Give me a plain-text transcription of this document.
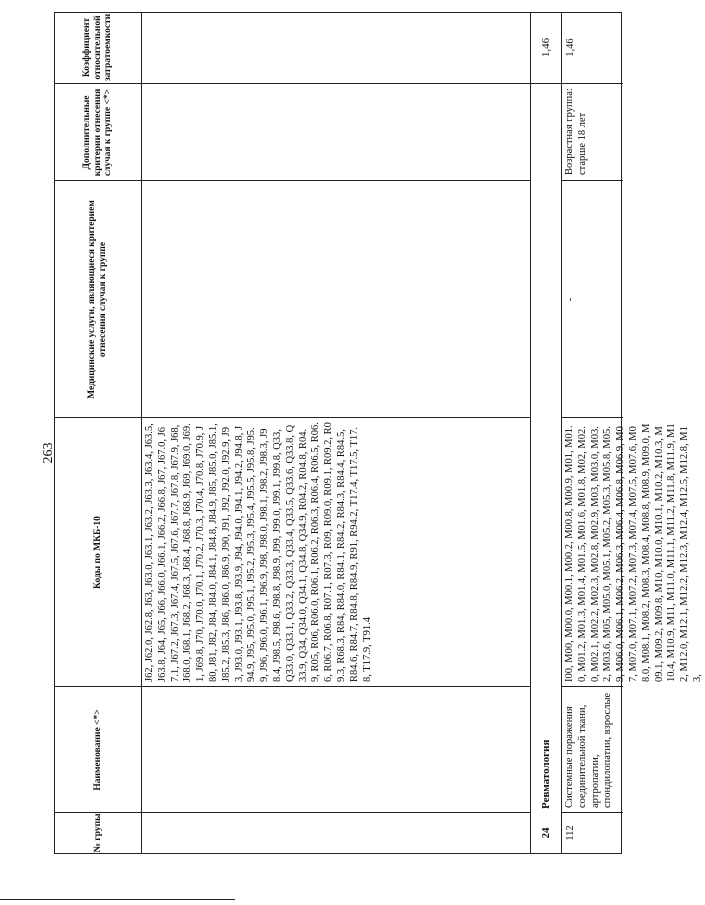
263
№ групы
Наименование <*>
Коды по МКБ-10
Медицинские услуги, являющиеся критерием отнесения случая к группе
Дополнительные критерии отнесения случая к группе <*>
Коэффициент относительной затратоемкости
J62, J62.0, J62.8, J63, J63.0, J63.1, J63.2, J63.3, J63.4, J63.5, J63.8, J64, J65, J66, J66.0, J66.1, J66.2, J66.8, J67, J67.0, J67.1, J67.2, J67.3, J67.4, J67.5, J67.6, J67.7, J67.8, J67.9, J68, J68.0, J68.1, J68.2, J68.3, J68.4, J68.8, J68.9, J69, J69.0, J69.1, J69.8, J70, J70.0, J70.1, J70.2, J70.3, J70.4, J70.8, J70.9, J80, J81, J82, J84, J84.0, J84.1, J84.8, J84.9, J85, J85.0, J85.1, J85.2, J85.3, J86, J86.0, J86.9, J90, J91, J92, J92.0, J92.9, J93, J93.0, J93.1, J93.8, J93.9, J94, J94.0, J94.1, J94.2, J94.8, J94.9, J95, J95.0, J95.1, J95.2, J95.3, J95.4, J95.5, J95.8, J95.9, J96, J96.0, J96.1, J96.9, J98, J98.0, J98.1, J98.2, J98.3, J98.4, J98.5, J98.6, J98.8, J98.9, J99, J99.0, J99.1, J99.8, Q33, Q33.0, Q33.1, Q33.2, Q33.3, Q33.4, Q33.5, Q33.6, Q33.8, Q33.9, Q34, Q34.0, Q34.1, Q34.8, Q34.9, R04.2, R04.8, R04.9, R05, R06, R06.0, R06.1, R06.2, R06.3, R06.4, R06.5, R06.6, R06.7, R06.8, R07.1, R07.3, R09, R09.0, R09.1, R09.2, R09.3, R68.3, R84, R84.0, R84.1, R84.2, R84.3, R84.4, R84.5, R84.6, R84.7, R84.8, R84.9, R91, R94.2, T17.4, T17.5, T17.8, T17.9, T91.4
24
Ревматология
1,46
112
Системные поражения соединительной ткани, артропатии, спондилопатии, взрослые
I00, M00, M00.0, M00.1, M00.2, M00.8, M00.9, M01, M01.0, M01.2, M01.3, M01.4, M01.5, M01.6, M01.8, M02, M02.0, M02.1, M02.2, M02.3, M02.8, M02.9, M03, M03.0, M03.2, M03.6, M05, M05.0, M05.1, M05.2, M05.3, M05.8, M05.9, M06.0, M06.1, M06.2, M06.3, M06.4, M06.8, M06.9, M07, M07.0, M07.1, M07.2, M07.3, M07.4, M07.5, M07.6, M08.0, M08.1, M08.2, M08.3, M08.4, M08.8, M08.9, M09.0, M09.1, M09.2, M09.8, M10, M10.0, M10.1, M10.2, M10.3, M10.4, M10.9, M11, M11.0, M11.1, M11.2, M11.8, M11.9, M12, M12.0, M12.1, M12.2, M12.3, M12.4, M12.5, M12.8, M13,
-
Возрастная группа: старше 18 лет
1,46
